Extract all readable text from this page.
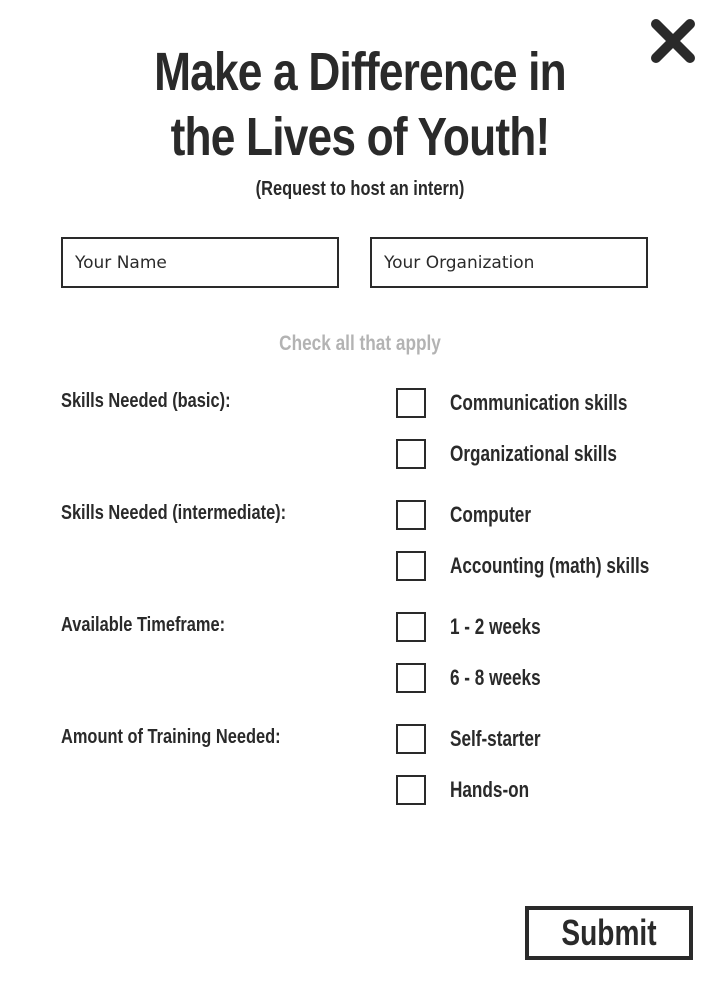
Make a Difference in
the Lives of Youth!
(Request to host an intern)
Your Name
Your Organization
Check all that apply
Skills Needed (basic):	Communication skills
Organizational skills
Skills Needed (intermediate):	Computer
Accounting (math) skills
Available Timeframe:	1 - 2 weeks
6 - 8 weeks
Amount of Training Needed:	Self-starter
Hands-on
Submit
